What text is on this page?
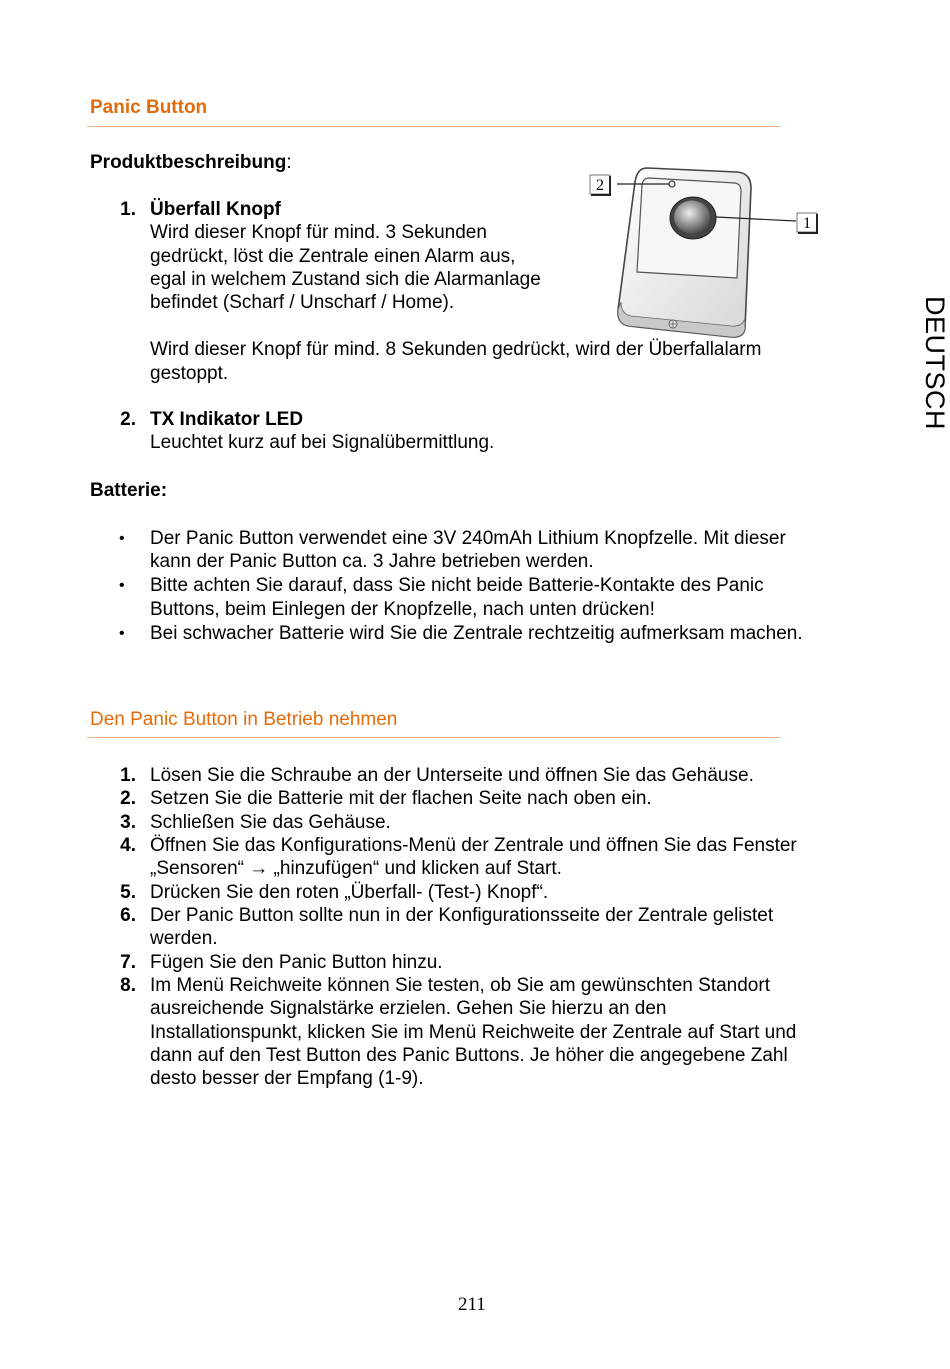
DEUTSCH
Panic Button
Produktbeschreibung:
1. Überfall Knopf
Wird dieser Knopf für mind. 3 Sekunden
gedrückt, löst die Zentrale einen Alarm aus,
egal in welchem Zustand sich die Alarmanlage
befindet (Scharf / Unscharf / Home).
Wird dieser Knopf für mind. 8 Sekunden gedrückt, wird der Überfallalarm
gestoppt.
2. TX Indikator LED
Leuchtet kurz auf bei Signalübermittlung.
2
1
Batterie:
• Der Panic Button verwendet eine 3V 240mAh Lithium Knopfzelle. Mit dieser
kann der Panic Button ca. 3 Jahre betrieben werden.
• Bitte achten Sie darauf, dass Sie nicht beide Batterie-Kontakte des Panic
Buttons, beim Einlegen der Knopfzelle, nach unten drücken!
• Bei schwacher Batterie wird Sie die Zentrale rechtzeitig aufmerksam machen.
Den Panic Button in Betrieb nehmen
1. Lösen Sie die Schraube an der Unterseite und öffnen Sie das Gehäuse.
2. Setzen Sie die Batterie mit der flachen Seite nach oben ein.
3. Schließen Sie das Gehäuse.
4. Öffnen Sie das Konfigurations-Menü der Zentrale und öffnen Sie das Fenster
„Sensoren“ → „hinzufügen“ und klicken auf Start.
5. Drücken Sie den roten „Überfall- (Test-) Knopf“.
6. Der Panic Button sollte nun in der Konfigurationsseite der Zentrale gelistet
werden.
7. Fügen Sie den Panic Button hinzu.
8. Im Menü Reichweite können Sie testen, ob Sie am gewünschten Standort
ausreichende Signalstärke erzielen. Gehen Sie hierzu an den
Installationspunkt, klicken Sie im Menü Reichweite der Zentrale auf Start und
dann auf den Test Button des Panic Buttons. Je höher die angegebene Zahl
desto besser der Empfang (1-9).
211
